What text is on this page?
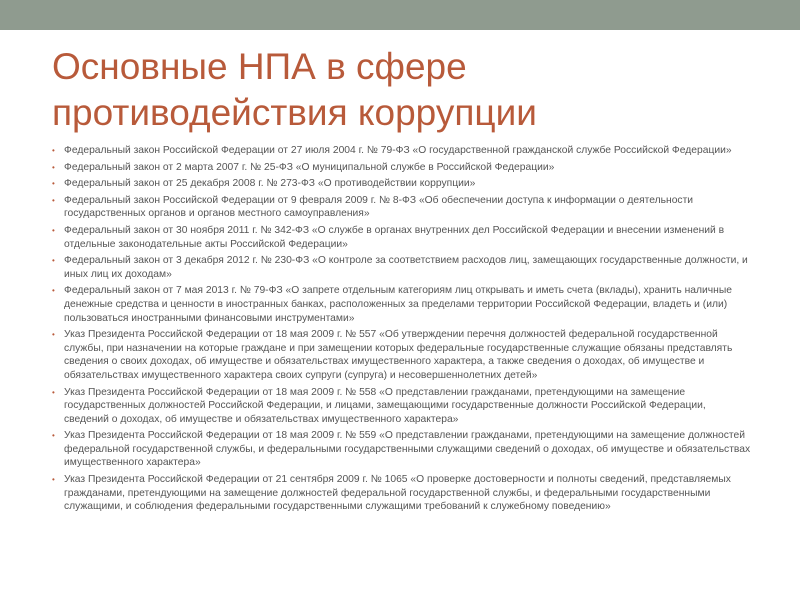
Основные НПА в сфере
противодействия коррупции
• Федеральный закон Российской Федерации от 27 июля 2004 г. № 79-ФЗ «О государственной гражданской службе Российской Федерации»
• Федеральный закон от 2 марта 2007 г. № 25-ФЗ «О муниципальной службе в Российской Федерации»
• Федеральный закон от 25 декабря 2008 г. № 273-ФЗ «О противодействии коррупции»
• Федеральный закон Российской Федерации от 9 февраля 2009 г. № 8-ФЗ «Об обеспечении доступа к информации о деятельности государственных органов и органов местного самоуправления»
• Федеральный закон от 30 ноября 2011 г. № 342-ФЗ «О службе в органах внутренних дел Российской Федерации и внесении изменений в отдельные законодательные акты Российской Федерации»
• Федеральный закон от 3 декабря 2012 г. № 230-ФЗ «О контроле за соответствием расходов лиц, замещающих государственные должности, и иных лиц их доходам»
• Федеральный закон от 7 мая 2013 г. № 79-ФЗ «О запрете отдельным категориям лиц открывать и иметь счета (вклады), хранить наличные денежные средства и ценности в иностранных банках, расположенных за пределами территории Российской Федерации, владеть и (или) пользоваться иностранными финансовыми инструментами»
• Указ Президента Российской Федерации от 18 мая 2009 г. № 557 «Об утверждении перечня должностей федеральной государственной службы, при назначении на которые граждане и при замещении которых федеральные государственные служащие обязаны представлять сведения о своих доходах, об имуществе и обязательствах имущественного характера, а также сведения о доходах, об имуществе и обязательствах имущественного характера своих супруги (супруга) и несовершеннолетних детей»
• Указ Президента Российской Федерации от 18 мая 2009 г. № 558 «О представлении гражданами, претендующими на замещение государственных должностей Российской Федерации, и лицами, замещающими государственные должности Российской Федерации, сведений о доходах, об имуществе и обязательствах имущественного характера»
• Указ Президента Российской Федерации от 18 мая 2009 г. № 559 «О представлении гражданами, претендующими на замещение должностей федеральной государственной службы, и федеральными государственными служащими сведений о доходах, об имуществе и обязательствах имущественного характера»
• Указ Президента Российской Федерации от 21 сентября 2009 г. № 1065 «О проверке достоверности и полноты сведений, представляемых гражданами, претендующими на замещение должностей федеральной государственной службы, и федеральными государственными служащими, и соблюдения федеральными государственными служащими требований к служебному поведению»
